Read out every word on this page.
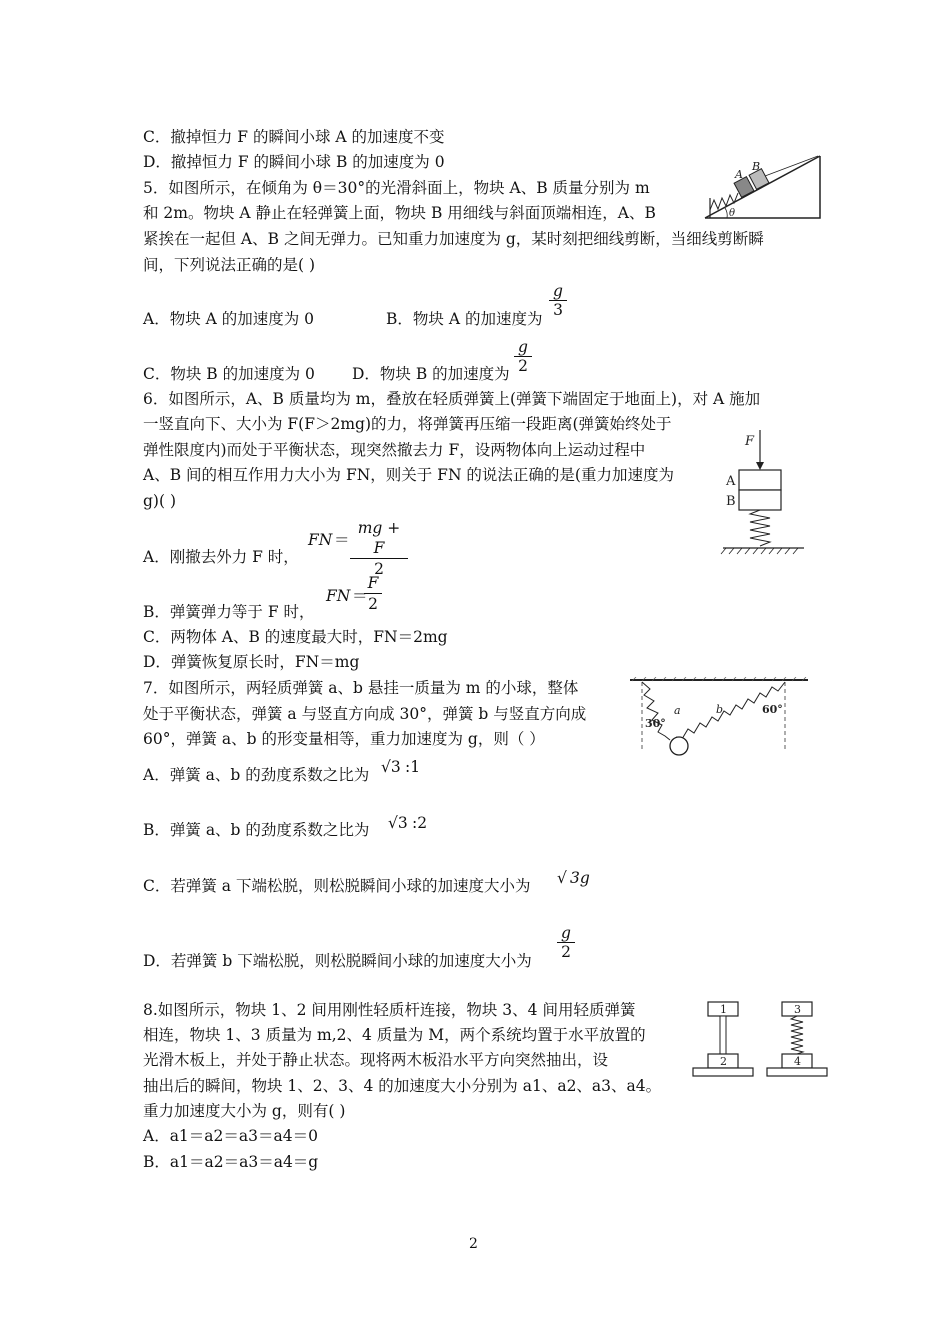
C．撤掉恒力 F 的瞬间小球 A 的加速度不变
D．撤掉恒力 F 的瞬间小球 B 的加速度为 0
5．如图所示，在倾角为 θ＝30°的光滑斜面上，物块 A、B 质量分别为 m
和 2m。物块 A 静止在轻弹簧上面，物块 B 用细线与斜面顶端相连，A、B
紧挨在一起但 A、B 之间无弹力。已知重力加速度为 g，某时刻把细线剪断，当细线剪断瞬
间，下列说法正确的是( )
A．物块 A 的加速度为 0	B．物块 A 的加速度为 $\frac{g}{3}$
C．物块 B 的加速度为 0 D．物块 B 的加速度为 $\frac{g}{2}$
6．如图所示，A、B 质量均为 m，叠放在轻质弹簧上(弹簧下端固定于地面上)，对 A 施加
一竖直向下、大小为 F(F＞2mg)的力，将弹簧再压缩一段距离(弹簧始终处于
弹性限度内)而处于平衡状态，现突然撤去力 F，设两物体向上运动过程中
A、B 间的相互作用力大小为 FN，则关于 FN 的说法正确的是(重力加速度为
g)( )
A．刚撤去外力 F 时，
FN ＝ $\frac{mg + F}{2}$
B．弹簧弹力等于 F 时，
FN ＝
$\frac{F}{2}$
C．两物体 A、B 的速度最大时，FN＝2mg
D．弹簧恢复原长时，FN＝mg
7．如图所示，两轻质弹簧 a、b 悬挂一质量为 m 的小球，整体
处于平衡状态，弹簧 a 与竖直方向成 30°，弹簧 b 与竖直方向成
60°，弹簧 a、b 的形变量相等，重力加速度为 g，则（ ）
A．弹簧 a、b 的劲度系数之比为 √3 :1
B．弹簧 a、b 的劲度系数之比为 √3 :2
C．若弹簧 a 下端松脱，则松脱瞬间小球的加速度大小为 √ 3g
D．若弹簧 b 下端松脱，则松脱瞬间小球的加速度大小为 $\frac{g}{2}$
8.如图所示，物块 1、2 间用刚性轻质杆连接，物块 3、4 间用轻质弹簧
相连，物块 1、3 质量为 m,2、4 质量为 M，两个系统均置于水平放置的
光滑木板上，并处于静止状态。现将两木板沿水平方向突然抽出，设
抽出后的瞬间，物块 1、2、3、4 的加速度大小分别为 a1、a2、a3、a4。
重力加速度大小为 g，则有( )
A．a1＝a2＝a3＝a4＝0
B．a1＝a2＝a3＝a4＝g
2
A
B
θ
F
A
B
30°
a	b	60°
1
2
3
4
